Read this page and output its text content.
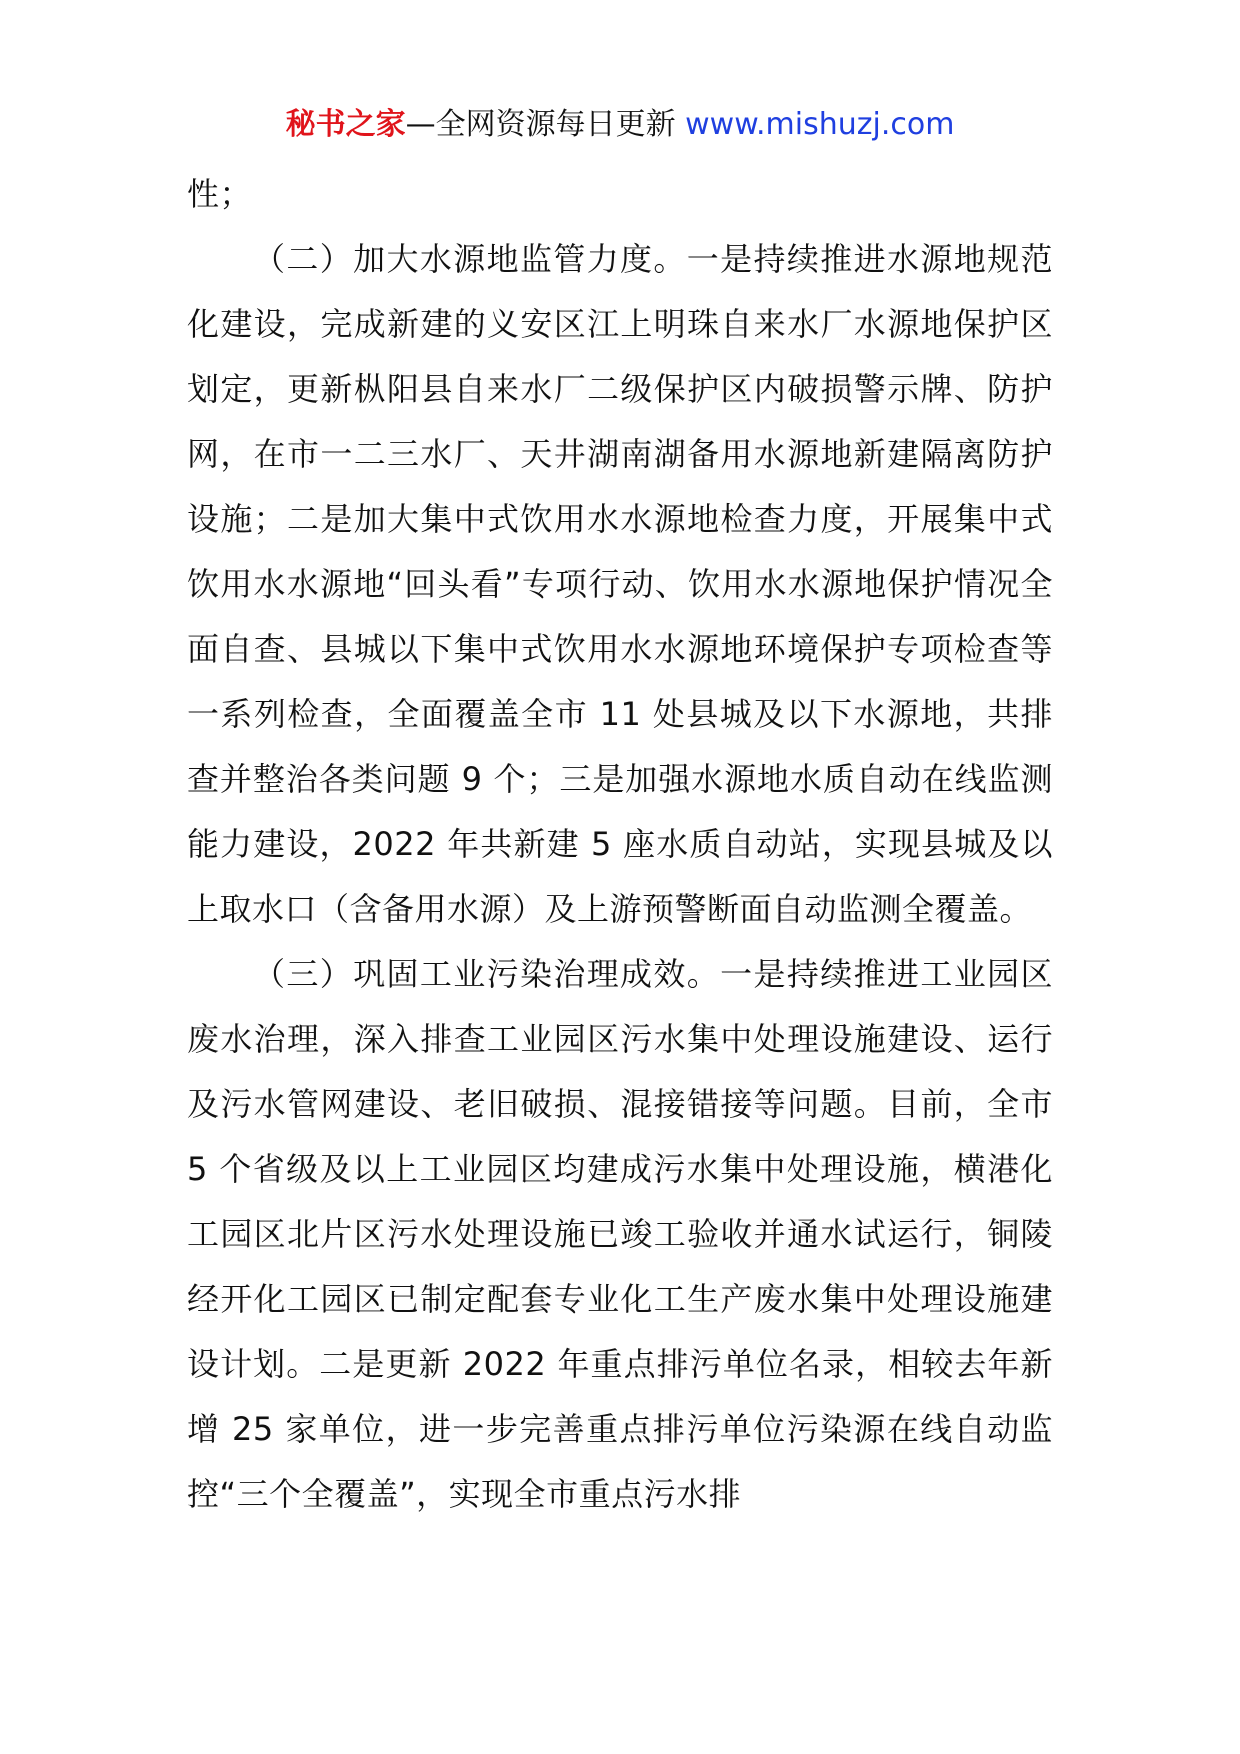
秘书之家—全网资源每日更新 www.mishuzj.com

性；

（二）加大水源地监管力度。一是持续推进水源地规范化建设，完成新建的义安区江上明珠自来水厂水源地保护区划定，更新枞阳县自来水厂二级保护区内破损警示牌、防护网，在市一二三水厂、天井湖南湖备用水源地新建隔离防护设施；二是加大集中式饮用水水源地检查力度，开展集中式饮用水水源地“回头看”专项行动、饮用水水源地保护情况全面自查、县城以下集中式饮用水水源地环境保护专项检查等一系列检查，全面覆盖全市 11 处县城及以下水源地，共排查并整治各类问题 9 个；三是加强水源地水质自动在线监测能力建设，2022 年共新建 5 座水质自动站，实现县城及以上取水口（含备用水源）及上游预警断面自动监测全覆盖。

（三）巩固工业污染治理成效。一是持续推进工业园区废水治理，深入排查工业园区污水集中处理设施建设、运行及污水管网建设、老旧破损、混接错接等问题。目前，全市 5 个省级及以上工业园区均建成污水集中处理设施，横港化工园区北片区污水处理设施已竣工验收并通水试运行，铜陵经开化工园区已制定配套专业化工生产废水集中处理设施建设计划。二是更新 2022 年重点排污单位名录，相较去年新增 25 家单位，进一步完善重点排污单位污染源在线自动监控“三个全覆盖”，实现全市重点污水排
